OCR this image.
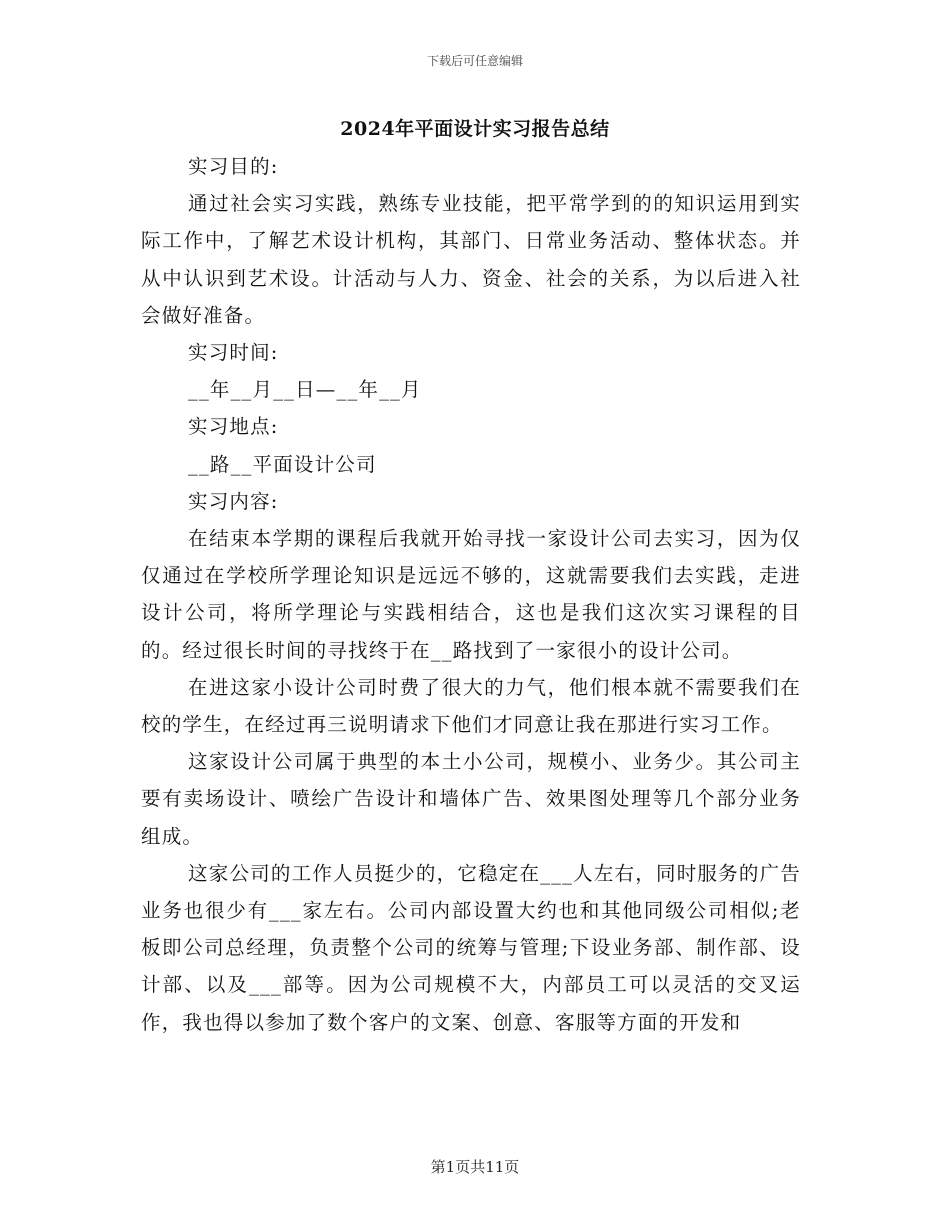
下载后可任意编辑
2024年平面设计实习报告总结

实习目的:

通过社会实习实践，熟练专业技能，把平常学到的的知识运用到实际工作中，了解艺术设计机构，其部门、日常业务活动、整体状态。并从中认识到艺术设。计活动与人力、资金、社会的关系，为以后进入社会做好准备。

实习时间:

__年__月__日—__年__月

实习地点:

__路__平面设计公司

实习内容:

在结束本学期的课程后我就开始寻找一家设计公司去实习，因为仅仅通过在学校所学理论知识是远远不够的，这就需要我们去实践，走进设计公司，将所学理论与实践相结合，这也是我们这次实习课程的目的。经过很长时间的寻找终于在__路找到了一家很小的设计公司。

在进这家小设计公司时费了很大的力气，他们根本就不需要我们在校的学生，在经过再三说明请求下他们才同意让我在那进行实习工作。

这家设计公司属于典型的本土小公司，规模小、业务少。其公司主要有卖场设计、喷绘广告设计和墙体广告、效果图处理等几个部分业务组成。

这家公司的工作人员挺少的，它稳定在___人左右，同时服务的广告业务也很少有___家左右。公司内部设置大约也和其他同级公司相似;老板即公司总经理，负责整个公司的统筹与管理;下设业务部、制作部、设计部、以及___部等。因为公司规模不大，内部员工可以灵活的交叉运作，我也得以参加了数个客户的文案、创意、客服等方面的开发和

第1页共11页
